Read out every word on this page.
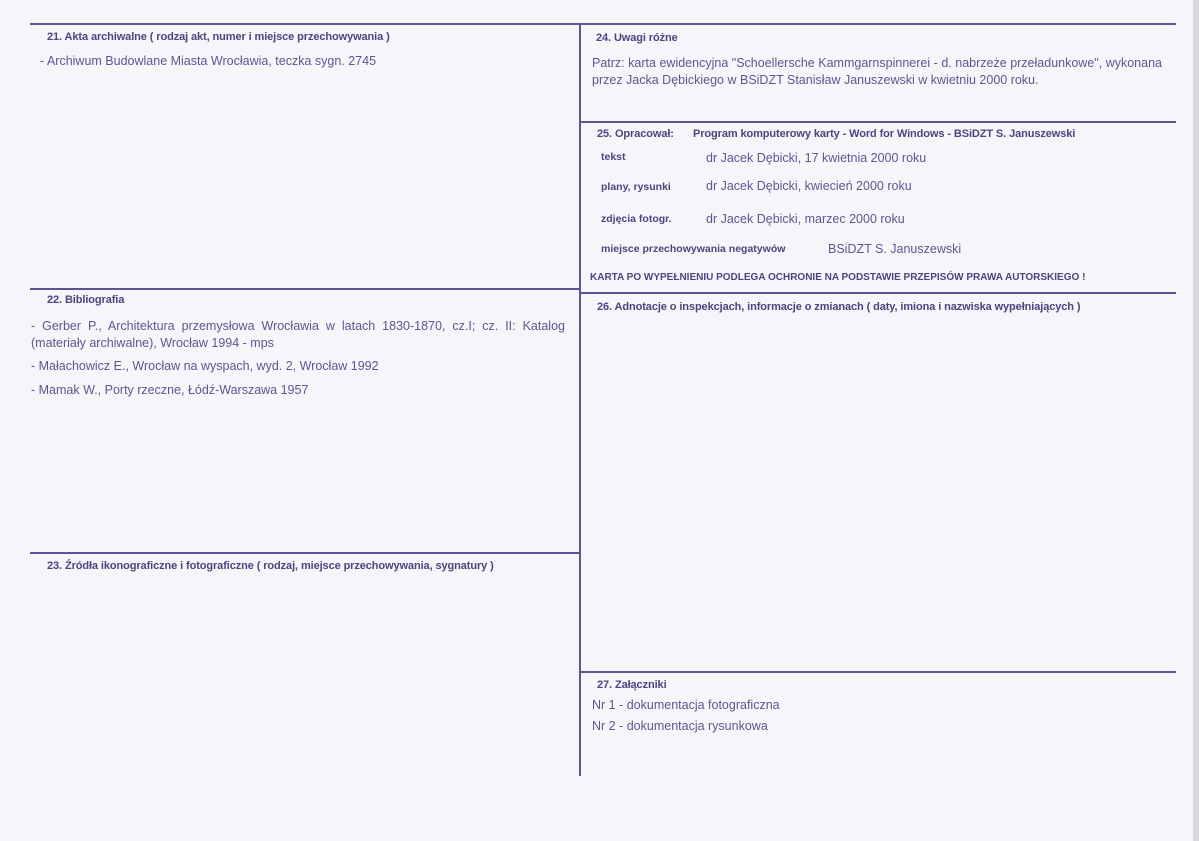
21. Akta archiwalne ( rodzaj akt, numer i miejsce przechowywania )
- Archiwum Budowlane Miasta Wrocławia, teczka sygn. 2745
22. Bibliografia
- Gerber P., Architektura przemysłowa Wrocławia w latach 1830-1870, cz.I; cz. II: Katalog (materiały archiwalne), Wrocław 1994 - mps
- Małachowicz E., Wrocław na wyspach, wyd. 2, Wrocław 1992
- Mamak W., Porty rzeczne, Łódź-Warszawa 1957
23. Źródła ikonograficzne i fotograficzne ( rodzaj, miejsce przechowywania, sygnatury )
24. Uwagi różne
Patrz: karta ewidencyjna "Schoellersche Kammgarnspinnerei - d. nabrzeże przeładunkowe", wykonana przez Jacka Dębickiego w BSiDZT Stanisław Januszewski w kwietniu 2000 roku.
25. Opracował: Program komputerowy karty - Word for Windows - BSiDZT S. Januszewski
tekst	dr Jacek Dębicki, 17 kwietnia 2000 roku
plany, rysunki	dr Jacek Dębicki, kwiecień 2000 roku
zdjęcia fotogr.	dr Jacek Dębicki, marzec 2000 roku
miejsce przechowywania negatywów	BSiDZT S. Januszewski
KARTA PO WYPEŁNIENIU PODLEGA OCHRONIE NA PODSTAWIE PRZEPISÓW PRAWA AUTORSKIEGO !
26. Adnotacje o inspekcjach, informacje o zmianach ( daty, imiona i nazwiska wypełniających )
27. Załączniki
Nr 1 - dokumentacja fotograficzna
Nr 2 - dokumentacja rysunkowa
